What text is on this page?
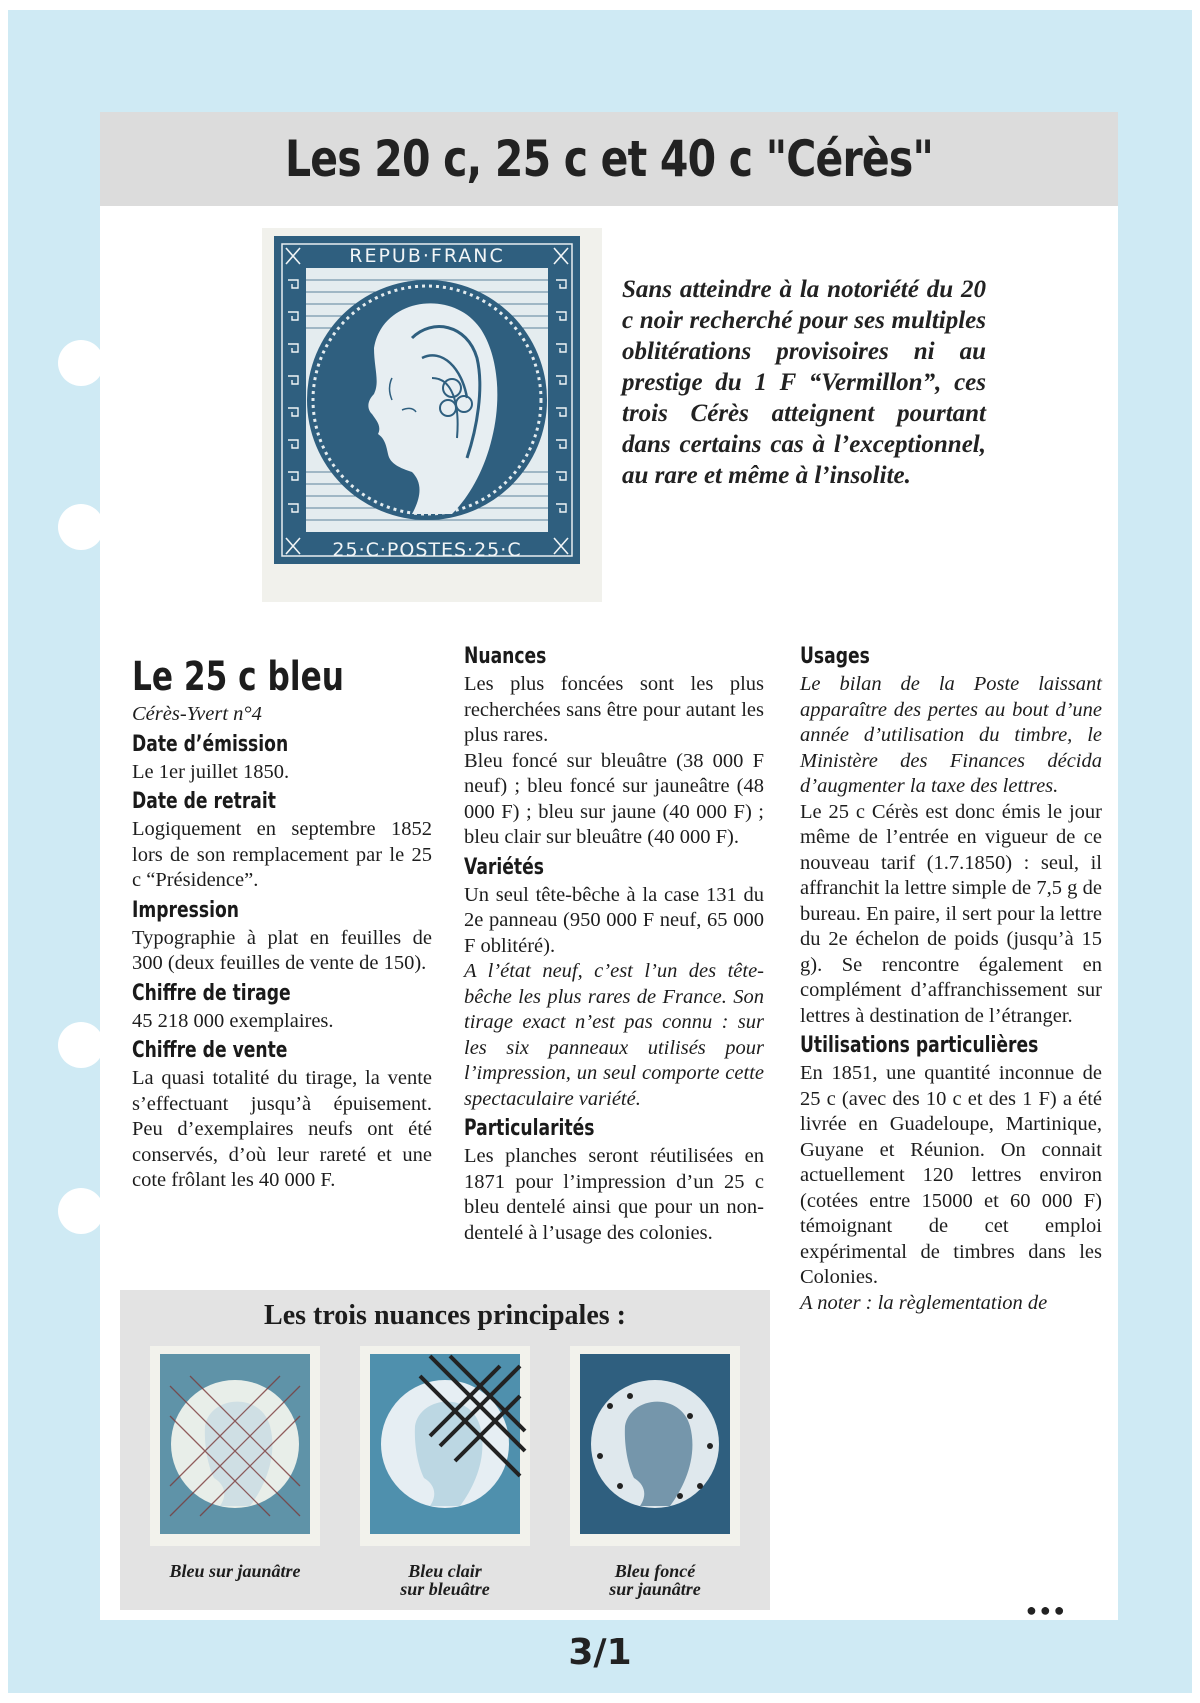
Les 20 c, 25 c et 40 c "Cérès"
REPUB·FRANC
25·C·POSTES·25·C

Sans atteindre à la notoriété du 20 c noir recherché pour ses multiples oblitérations provisoires ni au prestige du 1 F “Vermillon”, ces trois Cérès atteignent pourtant dans certains cas à l’exceptionnel, au rare et même à l’insolite.

Le 25 c bleu

Cérès-Yvert n°4

Date d’émission

Le 1er juillet 1850.

Date de retrait

Logiquement en septembre 1852 lors de son remplacement par le 25 c “Présidence”.

Impression

Typographie à plat en feuilles de 300 (deux feuilles de vente de 150).

Chiffre de tirage

45 218 000 exemplaires.

Chiffre de vente

La quasi totalité du tirage, la vente s’effectuant jusqu’à épuisement. Peu d’exemplaires neufs ont été conservés, d’où leur rareté et une cote frôlant les 40 000 F.

Nuances

Les plus foncées sont les plus recherchées sans être pour autant les plus rares.

Bleu foncé sur bleuâtre (38 000 F neuf) ; bleu foncé sur jaunеâtre (48 000 F) ; bleu sur jaune (40 000 F) ; bleu clair sur bleuâtre (40 000 F).

Variétés

Un seul tête-bêche à la case 131 du 2e panneau (950 000 F neuf, 65 000 F oblitéré).

A l’état neuf, c’est l’un des tête-bêche les plus rares de France. Son tirage exact n’est pas connu : sur les six panneaux utilisés pour l’impression, un seul comporte cette spectaculaire variété.

Particularités

Les planches seront réutilisées en 1871 pour l’impression d’un 25 c bleu dentelé ainsi que pour un non-dentelé à l’usage des colonies.

Usages

Le bilan de la Poste laissant apparaître des pertes au bout d’une année d’utilisation du timbre, le Ministère des Finances décida d’augmenter la taxe des lettres.

Le 25 c Cérès est donc émis le jour même de l’entrée en vigueur de ce nouveau tarif (1.7.1850) : seul, il affranchit la lettre simple de 7,5 g de bureau. En paire, il sert pour la lettre du 2e échelon de poids (jusqu’à 15 g). Se rencontre également en complément d’affranchissement sur lettres à destination de l’étranger.

Utilisations particulières

En 1851, une quantité inconnue de 25 c (avec des 10 c et des 1 F) a été livrée en Guadeloupe, Martinique, Guyane et Réunion. On connait actuellement 120 lettres environ (cotées entre 15000 et 60 000 F) témoignant de cet emploi expérimental de timbres dans les Colonies.

A noter : la règlementation de

Les trois nuances principales :

Bleu sur jaunâtre	Bleu clair
sur bleuâtre
Bleu foncé
sur jaunâtre
●●●
3/1
